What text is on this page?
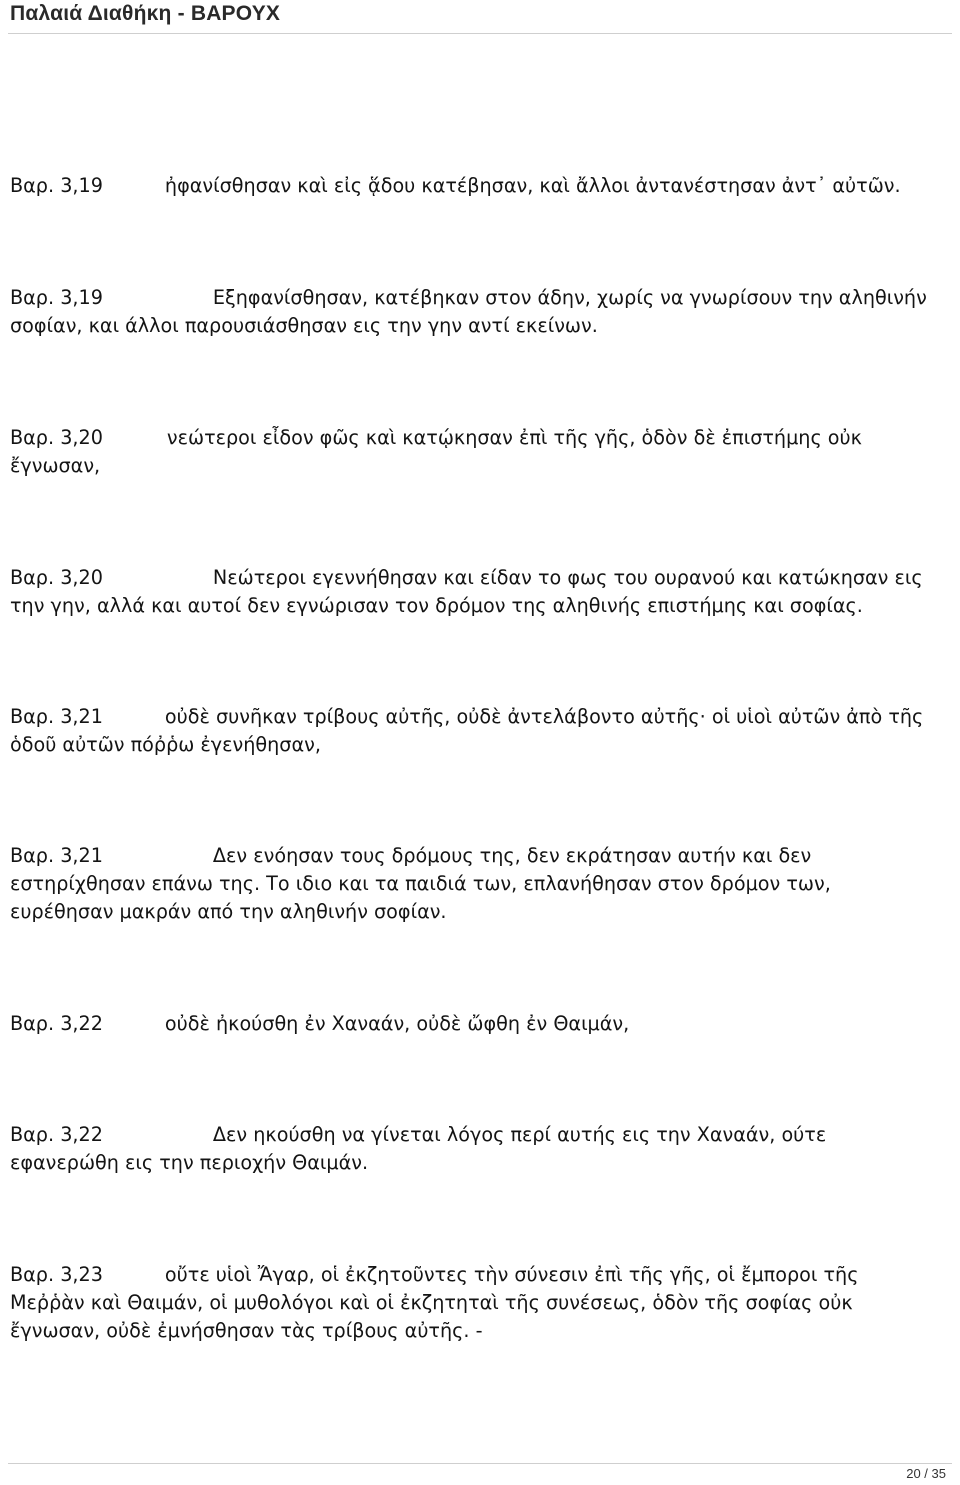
Παλαιά Διαθήκη - ΒΑΡΟΥΧ
Βαρ. 3,19	ἠφανίσθησαν καὶ εἰς ᾅδου κατέβησαν, καὶ ἄλλοι ἀντανέστησαν ἀντ᾿ αὐτῶν.
Βαρ. 3,19	Εξηφανίσθησαν, κατέβηκαν στον άδην, χωρίς να γνωρίσουν την αληθινήν σοφίαν, και άλλοι παρουσιάσθησαν εις την γην αντί εκείνων.
Βαρ. 3,20	νεώτεροι εἶδον φῶς καὶ κατῴκησαν ἐπὶ τῆς γῆς, ὁδὸν δὲ ἐπιστήμης οὐκ ἔγνωσαν,
Βαρ. 3,20	Νεώτεροι εγεννήθησαν και είδαν το φως του ουρανού και κατώκησαν εις την γην, αλλά και αυτοί δεν εγνώρισαν τον δρόμον της αληθινής επιστήμης και σοφίας.
Βαρ. 3,21	οὐδὲ συνῆκαν τρίβους αὐτῆς, οὐδὲ ἀντελάβοντο αὐτῆς· οἱ υἱοὶ αὐτῶν ἀπὸ τῆς ὁδοῦ αὐτῶν πόῤῥω ἐγενήθησαν,
Βαρ. 3,21	Δεν ενόησαν τους δρόμους της, δεν εκράτησαν αυτήν και δεν εστηρίχθησαν επάνω της. Το ιδιο και τα παιδιά των, επλανήθησαν στον δρόμον των, ευρέθησαν μακράν από την αληθινήν σοφίαν.
Βαρ. 3,22	οὐδὲ ἠκούσθη ἐν Χαναάν, οὐδὲ ὤφθη ἐν Θαιμάν,
Βαρ. 3,22	Δεν ηκούσθη να γίνεται λόγος περί αυτής εις την Χαναάν, ούτε εφανερώθη εις την περιοχήν Θαιμάν.
Βαρ. 3,23	οὔτε υἱοὶ Ἄγαρ, οἱ ἐκζητοῦντες τὴν σύνεσιν ἐπὶ τῆς γῆς, οἱ ἔμποροι τῆς Μεῤῥὰν καὶ Θαιμάν, οἱ μυθολόγοι καὶ οἱ ἐκζητηταὶ τῆς συνέσεως, ὁδὸν τῆς σοφίας οὐκ ἔγνωσαν, οὐδὲ ἐμνήσθησαν τὰς τρίβους αὐτῆς. -
20 / 35
